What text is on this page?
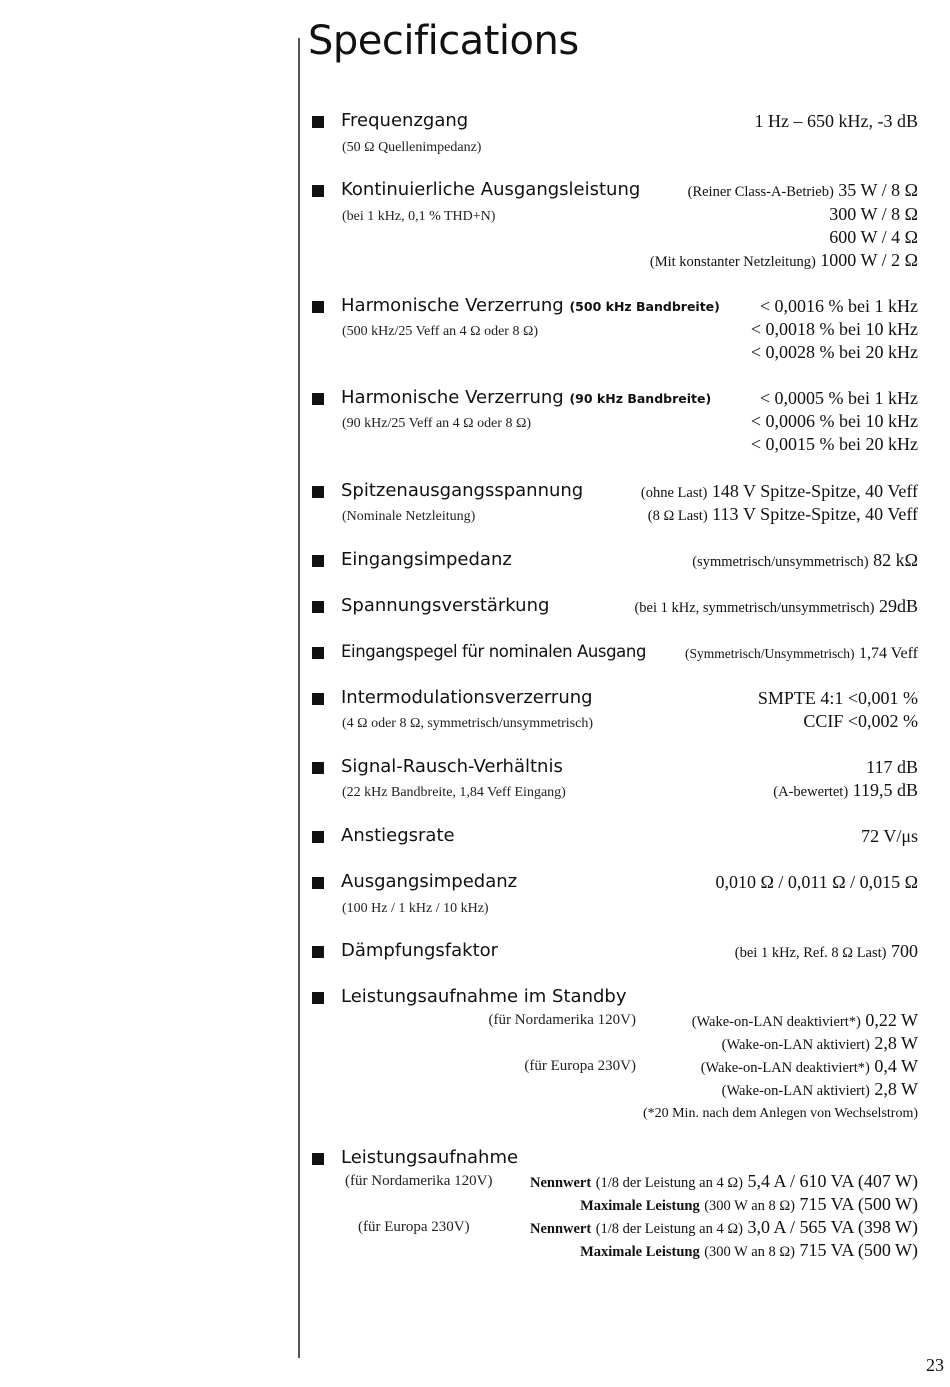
Specifications
Frequenzgang	1 Hz – 650 kHz, -3 dB
(50 Ω Quellenimpedanz)
Kontinuierliche Ausgangsleistung	(Reiner Class-A-Betrieb) 35 W / 8 Ω
(bei 1 kHz, 0,1 % THD+N)	300 W / 8 Ω
600 W / 4 Ω
(Mit konstanter Netzleitung) 1000 W / 2 Ω
Harmonische Verzerrung (500 kHz Bandbreite) < 0,0016 % bei 1 kHz
(500 kHz/25 Veff an 4 Ω oder 8 Ω)	< 0,0018 % bei 10 kHz
< 0,0028 % bei 20 kHz
Harmonische Verzerrung (90 kHz Bandbreite)	< 0,0005 % bei 1 kHz
(90 kHz/25 Veff an 4 Ω oder 8 Ω)	< 0,0006 % bei 10 kHz
< 0,0015 % bei 20 kHz
Spitzenausgangsspannung	(ohne Last) 148 V Spitze-Spitze, 40 Veff
(Nominale Netzleitung)	(8 Ω Last) 113 V Spitze-Spitze, 40 Veff
Eingangsimpedanz	(symmetrisch/unsymmetrisch) 82 kΩ
Spannungsverstärkung	(bei 1 kHz, symmetrisch/unsymmetrisch) 29dB
Eingangspegel für nominalen Ausgang	(Symmetrisch/Unsymmetrisch) 1,74 Veff
Intermodulationsverzerrung	SMPTE 4:1 <0,001 %
(4 Ω oder 8 Ω, symmetrisch/unsymmetrisch)	CCIF <0,002 %
Signal-Rausch-Verhältnis	117 dB
(22 kHz Bandbreite, 1,84 Veff Eingang)	(A-bewertet) 119,5 dB
Anstiegsrate	72 V/μs
Ausgangsimpedanz	0,010 Ω / 0,011 Ω / 0,015 Ω
(100 Hz / 1 kHz / 10 kHz)
Dämpfungsfaktor	(bei 1 kHz, Ref. 8 Ω Last) 700
Leistungsaufnahme im Standby
(für Nordamerika 120V)	(Wake-on-LAN deaktiviert*) 0,22 W
(Wake-on-LAN aktiviert) 2,8 W
(für Europa 230V)	(Wake-on-LAN deaktiviert*) 0,4 W
(Wake-on-LAN aktiviert) 2,8 W
(*20 Min. nach dem Anlegen von Wechselstrom)
Leistungsaufnahme
(für Nordamerika 120V)	Nennwert (1/8 der Leistung an 4 Ω) 5,4 A / 610 VA (407 W)
Maximale Leistung (300 W an 8 Ω) 715 VA (500 W)
(für Europa 230V)	Nennwert (1/8 der Leistung an 4 Ω) 3,0 A / 565 VA (398 W)
Maximale Leistung (300 W an 8 Ω) 715 VA (500 W)
23
